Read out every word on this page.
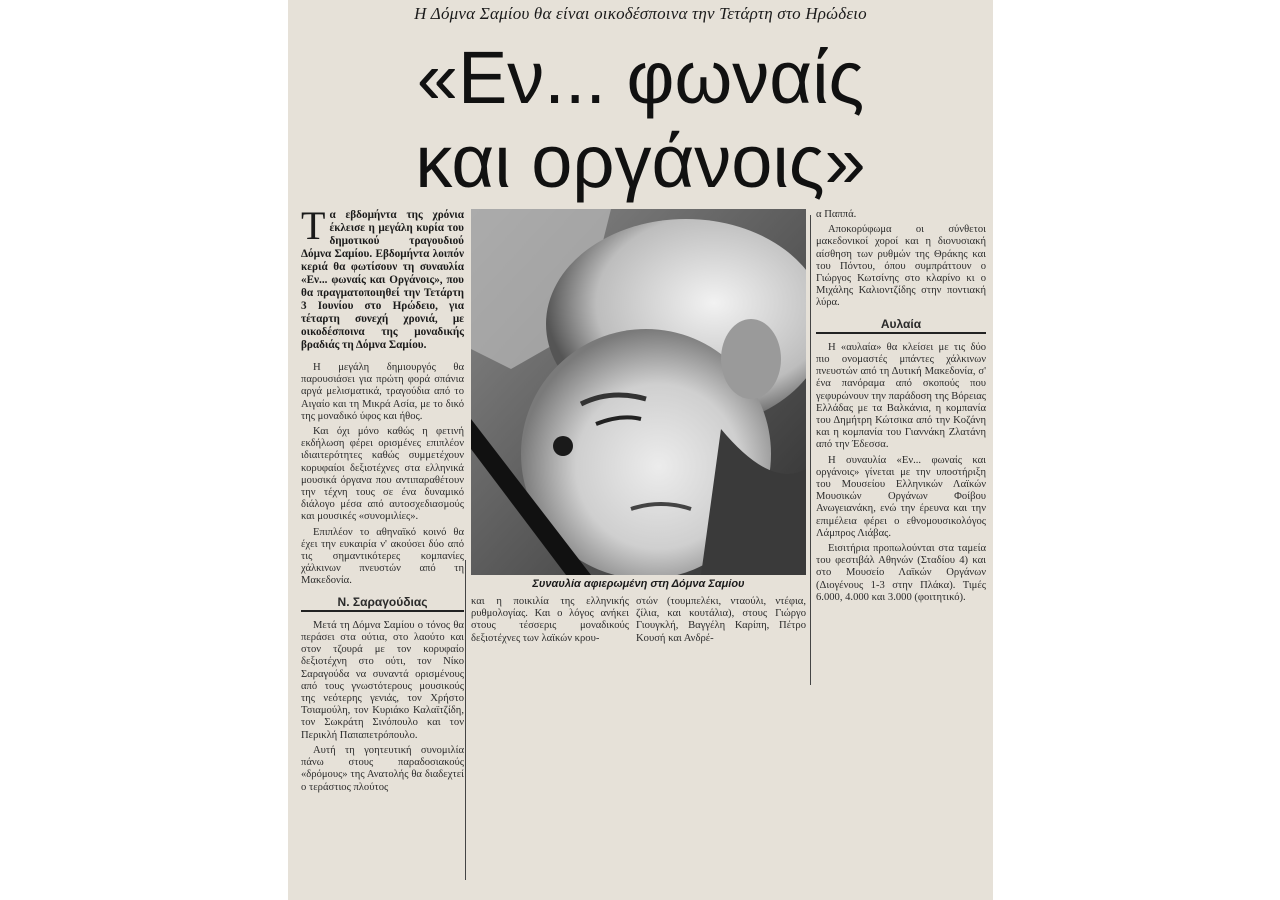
Η Δόμνα Σαμίου θα είναι οικοδέσποινα την Τετάρτη στο Ηρώδειο
«Εν... φωναίς
και οργάνοις»

Τα εβδομήντα της χρόνια έκλεισε η μεγάλη κυρία του δημοτικού τραγουδιού Δόμνα Σαμίου. Εβδομήντα λοιπόν κεριά θα φωτίσουν τη συναυλία «Εν... φωναίς και Οργάνοις», που θα πραγματοποιηθεί την Τετάρτη 3 Ιουνίου στο Ηρώδειο, για τέταρτη συνεχή χρονιά, με οικοδέσποινα της μοναδικής βραδιάς τη Δόμνα Σαμίου.

Η μεγάλη δημιουργός θα παρουσιάσει για πρώτη φορά σπάνια αργά μελισματικά, τραγούδια από το Αιγαίο και τη Μικρά Ασία, με το δικό της μοναδικό ύφος και ήθος.

Και όχι μόνο καθώς η φετινή εκδήλωση φέρει ορισμένες επιπλέον ιδιαιτερότητες καθώς συμμετέχουν κορυφαίοι δεξιοτέχνες στα ελληνικά μουσικά όργανα που αντιπαραθέτουν την τέχνη τους σε ένα δυναμικό διάλογο μέσα από αυτοσχεδιασμούς και μουσικές «συνομιλίες».

Επιπλέον το αθηναϊκό κοινό θα έχει την ευκαιρία ν' ακούσει δύο από τις σημαντικότερες κομπανίες χάλκινων πνευστών από τη Μακεδονία.

Ν. Σαραγούδιας

Μετά τη Δόμνα Σαμίου ο τόνος θα περάσει στα ούτια, στο λαούτο και στον τζουρά με τον κορυφαίο δεξιοτέχνη στο ούτι, τον Νίκο Σαραγούδα να συναντά ορισμένους από τους γνωστότερους μουσικούς της νεότερης γενιάς, τον Χρήστο Τσιαμούλη, τον Κυριάκο Καλαϊτζίδη, τον Σωκράτη Σινόπουλο και τον Περικλή Παπαπετρόπουλο.

Αυτή τη γοητευτική συνομιλία πάνω στους παραδοσιακούς «δρόμους» της Ανατολής θα διαδεχτεί ο τεράστιος πλούτος

Συναυλία αφιερωμένη στη Δόμνα Σαμίου

και η ποικιλία της ελληνικής ρυθμολογίας. Και ο λόγος ανήκει στους τέσσερις μοναδικούς δεξιοτέχνες των λαϊκών κρου-

στών (τουμπελέκι, νταούλι, ντέφια, ζίλια, και κουτάλια), στους Γιώργο Γιουγκλή, Βαγγέλη Καρίπη, Πέτρο Κουσή και Ανδρέ-

α Παππά.

Αποκορύφωμα οι σύνθετοι μακεδονικοί χοροί και η διονυσιακή αίσθηση των ρυθμών της Θράκης και του Πόντου, όπου συμπράττουν ο Γιώργος Κωτσίνης στο κλαρίνο κι ο Μιχάλης Καλιοντζίδης στην ποντιακή λύρα.

Αυλαία

Η «αυλαία» θα κλείσει με τις δύο πιο ονομαστές μπάντες χάλκινων πνευστών από τη Δυτική Μακεδονία, σ' ένα πανόραμα από σκοπούς που γεφυρώνουν την παράδοση της Βόρειας Ελλάδας με τα Βαλκάνια, η κομπανία του Δημήτρη Κώτσικα από την Κοζάνη και η κομπανία του Γιαννάκη Ζλατάνη από την Έδεσσα.

Η συναυλία «Εν... φωναίς και οργάνοις» γίνεται με την υποστήριξη του Μουσείου Ελληνικών Λαϊκών Μουσικών Οργάνων Φοίβου Ανωγειανάκη, ενώ την έρευνα και την επιμέλεια φέρει ο εθνομουσικολόγος Λάμπρος Λιάβας.

Εισιτήρια προπωλούνται στα ταμεία του φεστιβάλ Αθηνών (Σταδίου 4) και στο Μουσείο Λαϊκών Οργάνων (Διογένους 1-3 στην Πλάκα). Τιμές 6.000, 4.000 και 3.000 (φοιτητικό).
